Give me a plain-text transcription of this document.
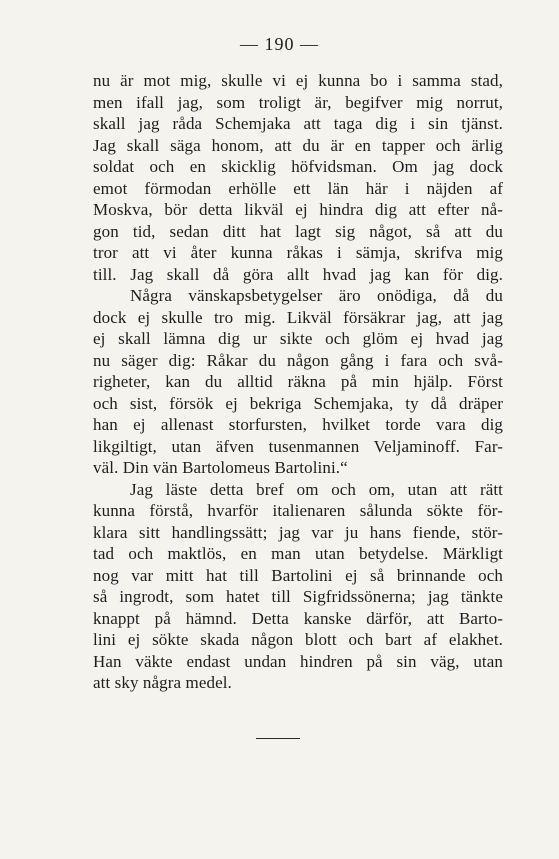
— 190 —
nu är mot mig, skulle vi ej kunna bo i samma stad,
men ifall jag, som troligt är, begifver mig norrut,
skall jag råda Schemjaka att taga dig i sin tjänst.
Jag skall säga honom, att du är en tapper och ärlig
soldat och en skicklig höfvidsman. Om jag dock
emot förmodan erhölle ett län här i näjden af
Moskva, bör detta likväl ej hindra dig att efter nå-
gon tid, sedan ditt hat lagt sig något, så att du
tror att vi åter kunna råkas i sämja, skrifva mig
till. Jag skall då göra allt hvad jag kan för dig.
Några vänskapsbetygelser äro onödiga, då du
dock ej skulle tro mig. Likväl försäkrar jag, att jag
ej skall lämna dig ur sikte och glöm ej hvad jag
nu säger dig: Råkar du någon gång i fara och svå-
righeter, kan du alltid räkna på min hjälp. Först
och sist, försök ej bekriga Schemjaka, ty då dräper
han ej allenast storfursten, hvilket torde vara dig
likgiltigt, utan äfven tusenmannen Veljaminoff. Far-
väl. Din vän Bartolomeus Bartolini.“
Jag läste detta bref om och om, utan att rätt
kunna förstå, hvarför italienaren sålunda sökte för-
klara sitt handlingssätt; jag var ju hans fiende, stör-
tad och maktlös, en man utan betydelse. Märkligt
nog var mitt hat till Bartolini ej så brinnande och
så ingrodt, som hatet till Sigfridssönerna; jag tänkte
knappt på hämnd. Detta kanske därför, att Barto-
lini ej sökte skada någon blott och bart af elakhet.
Han väkte endast undan hindren på sin väg, utan
att sky några medel.
